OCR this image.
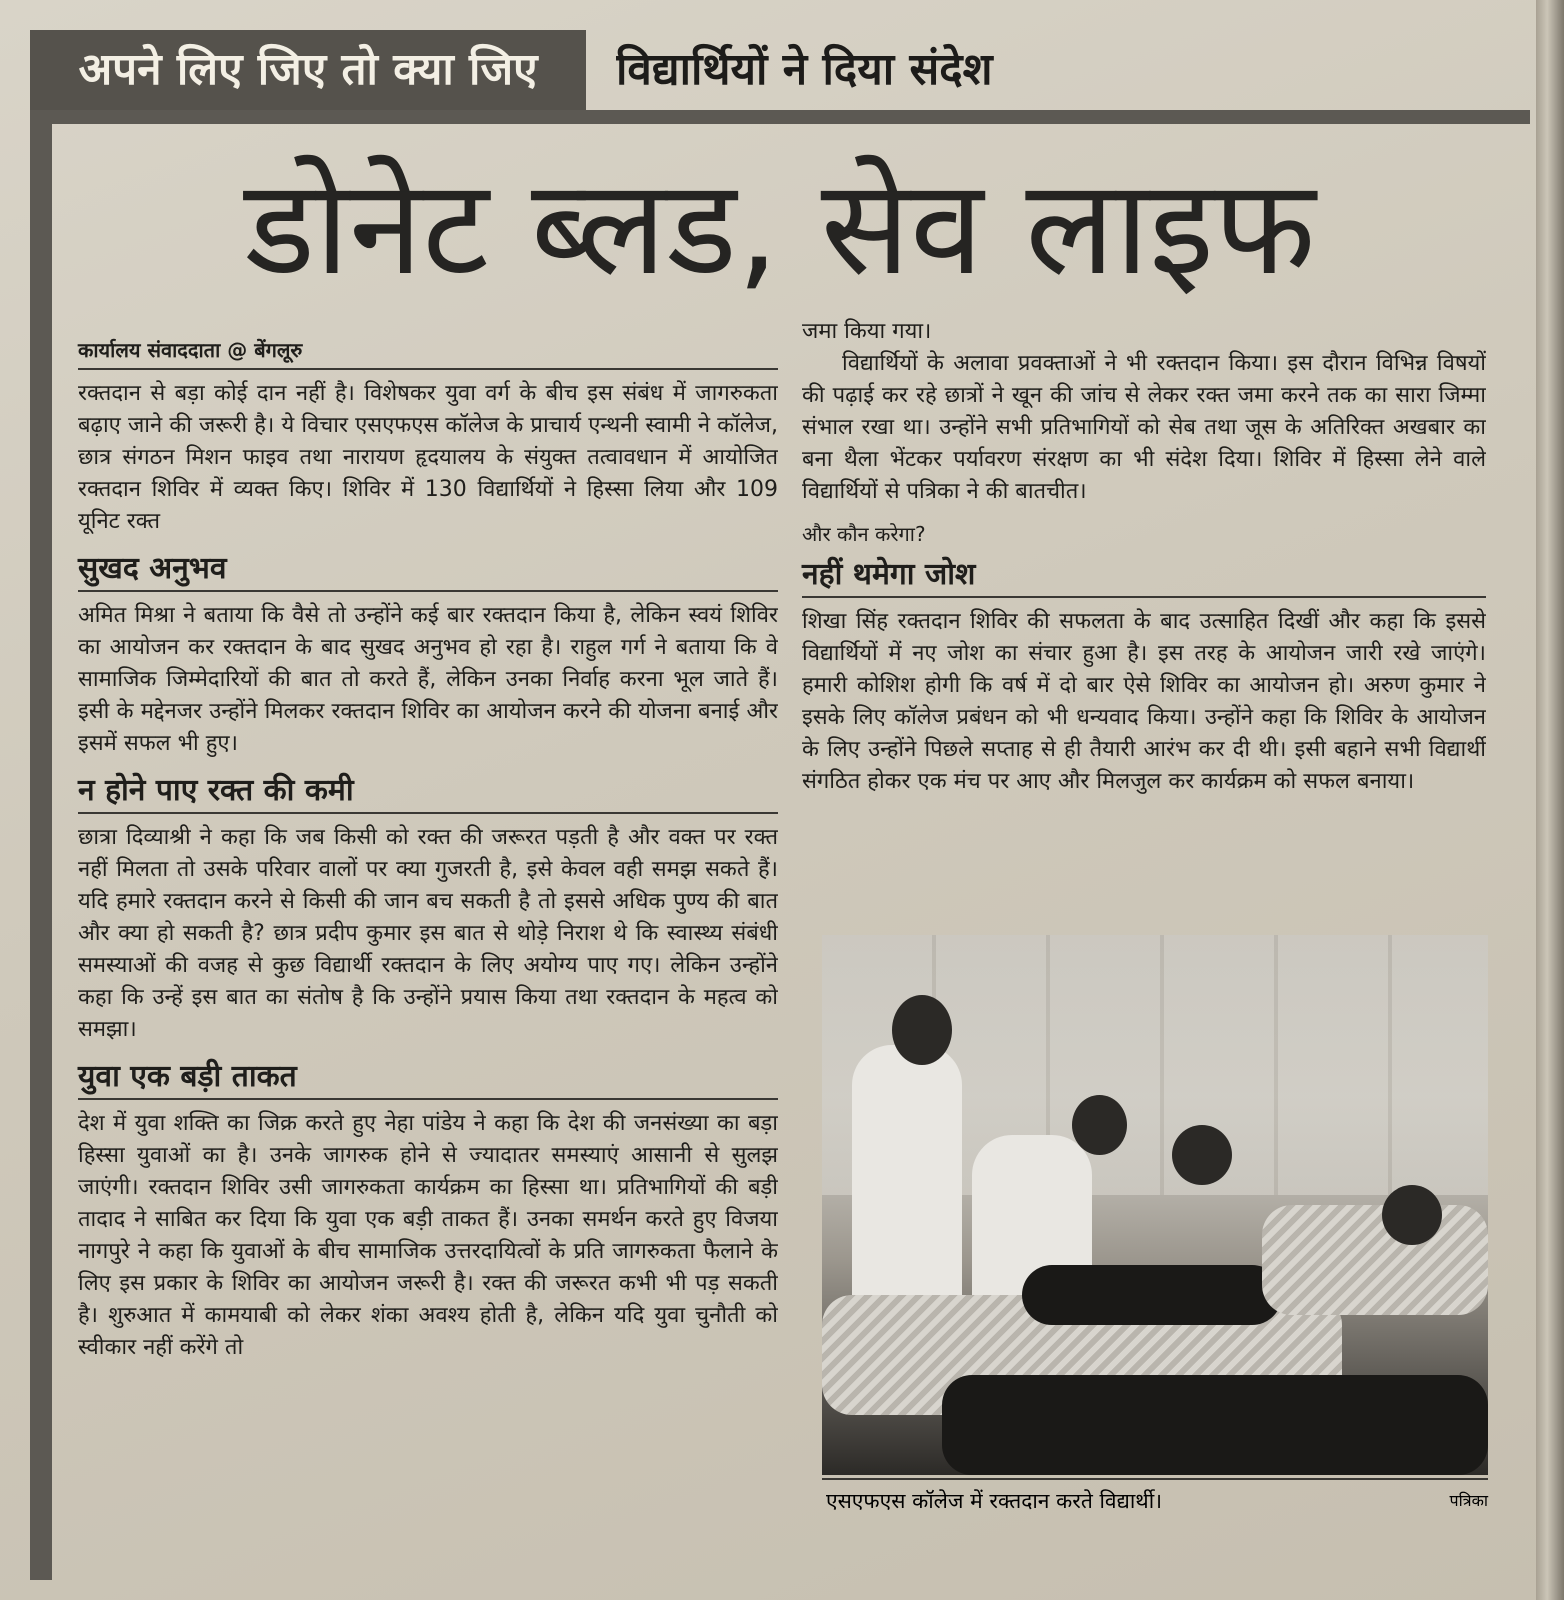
अपने लिए जिए तो क्या जिए	विद्यार्थियों ने दिया संदेश
डोनेट ब्लड, सेव लाइफ
कार्यालय संवाददाता @ बेंगलूरु

रक्तदान से बड़ा कोई दान नहीं है। विशेषकर युवा वर्ग के बीच इस संबंध में जागरुकता बढ़ाए जाने की जरूरी है। ये विचार एसएफएस कॉलेज के प्राचार्य एन्थनी स्वामी ने कॉलेज, छात्र संगठन मिशन फाइव तथा नारायण हृदयालय के संयुक्त तत्वावधान में आयोजित रक्तदान शिविर में व्यक्त किए। शिविर में 130 विद्यार्थियों ने हिस्सा लिया और 109 यूनिट रक्त

सुखद अनुभव

अमित मिश्रा ने बताया कि वैसे तो उन्होंने कई बार रक्तदान किया है, लेकिन स्वयं शिविर का आयोजन कर रक्तदान के बाद सुखद अनुभव हो रहा है। राहुल गर्ग ने बताया कि वे सामाजिक जिम्मेदारियों की बात तो करते हैं, लेकिन उनका निर्वाह करना भूल जाते हैं। इसी के मद्देनजर उन्होंने मिलकर रक्तदान शिविर का आयोजन करने की योजना बनाई और इसमें सफल भी हुए।

न होने पाए रक्त की कमी

छात्रा दिव्याश्री ने कहा कि जब किसी को रक्त की जरूरत पड़ती है और वक्त पर रक्त नहीं मिलता तो उसके परिवार वालों पर क्या गुजरती है, इसे केवल वही समझ सकते हैं। यदि हमारे रक्तदान करने से किसी की जान बच सकती है तो इससे अधिक पुण्य की बात और क्या हो सकती है? छात्र प्रदीप कुमार इस बात से थोड़े निराश थे कि स्वास्थ्य संबंधी समस्याओं की वजह से कुछ विद्यार्थी रक्तदान के लिए अयोग्य पाए गए। लेकिन उन्होंने कहा कि उन्हें इस बात का संतोष है कि उन्होंने प्रयास किया तथा रक्तदान के महत्व को समझा।

युवा एक बड़ी ताकत

देश में युवा शक्ति का जिक्र करते हुए नेहा पांडेय ने कहा कि देश की जनसंख्या का बड़ा हिस्सा युवाओं का है। उनके जागरुक होने से ज्यादातर समस्याएं आसानी से सुलझ जाएंगी। रक्तदान शिविर उसी जागरुकता कार्यक्रम का हिस्सा था। प्रतिभागियों की बड़ी तादाद ने साबित कर दिया कि युवा एक बड़ी ताकत हैं। उनका समर्थन करते हुए विजया नागपुरे ने कहा कि युवाओं के बीच सामाजिक उत्तरदायित्वों के प्रति जागरुकता फैलाने के लिए इस प्रकार के शिविर का आयोजन जरूरी है। रक्त की जरूरत कभी भी पड़ सकती है। शुरुआत में कामयाबी को लेकर शंका अवश्य होती है, लेकिन यदि युवा चुनौती को स्वीकार नहीं करेंगे तो

जमा किया गया।

विद्यार्थियों के अलावा प्रवक्ताओं ने भी रक्तदान किया। इस दौरान विभिन्न विषयों की पढ़ाई कर रहे छात्रों ने खून की जांच से लेकर रक्त जमा करने तक का सारा जिम्मा संभाल रखा था। उन्होंने सभी प्रतिभागियों को सेब तथा जूस के अतिरिक्त अखबार का बना थैला भेंटकर पर्यावरण संरक्षण का भी संदेश दिया। शिविर में हिस्सा लेने वाले विद्यार्थियों से पत्रिका ने की बातचीत।

और कौन करेगा?
नहीं थमेगा जोश

शिखा सिंह रक्तदान शिविर की सफलता के बाद उत्साहित दिखीं और कहा कि इससे विद्यार्थियों में नए जोश का संचार हुआ है। इस तरह के आयोजन जारी रखे जाएंगे। हमारी कोशिश होगी कि वर्ष में दो बार ऐसे शिविर का आयोजन हो। अरुण कुमार ने इसके लिए कॉलेज प्रबंधन को भी धन्यवाद किया। उन्होंने कहा कि शिविर के आयोजन के लिए उन्होंने पिछले सप्ताह से ही तैयारी आरंभ कर दी थी। इसी बहाने सभी विद्यार्थी संगठित होकर एक मंच पर आए और मिलजुल कर कार्यक्रम को सफल बनाया।

एसएफएस कॉलेज में रक्तदान करते विद्यार्थी।	पत्रिका
